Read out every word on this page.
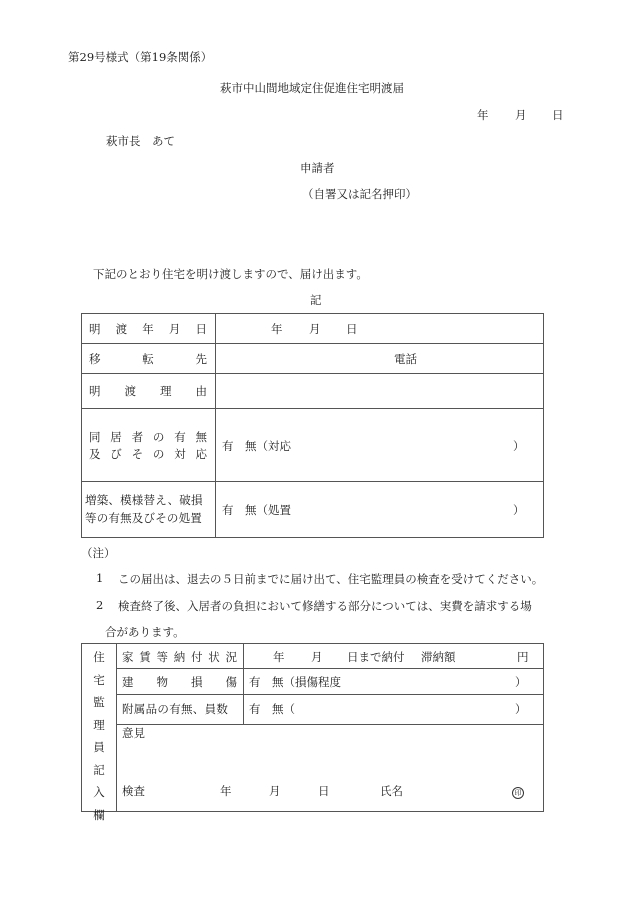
第29号様式（第19条関係）
萩市中山間地域定住促進住宅明渡届
年 月 日
萩市長　あて
申請者
（自署又は記名押印）
下記のとおり住宅を明け渡しますので、届け出ます。
記
明 渡 年 月 日	年 月 日
移	転	先	電話
明 渡 理 由
同 居 者 の 有 無
及 び そ の 対 応
有　無（対応	）
増築、模様替え、破損
等の有無及びその処置
有　無（処置	）
（注）
1 この届出は、退去の５日前までに届け出て、住宅監理員の検査を受けてください。
2 検査終了後、入居者の負担において修繕する部分については、実費を請求する場
合があります。
住
宅
監
理
員
記
入
欄
家 賃 等 納 付 状 況	年 月 日まで納付 滞納額	円
建 物 損 傷 有　無（損傷程度	）
附属品の有無、員数 有　無（	）
意見
検査	年	月	日	氏名	印
